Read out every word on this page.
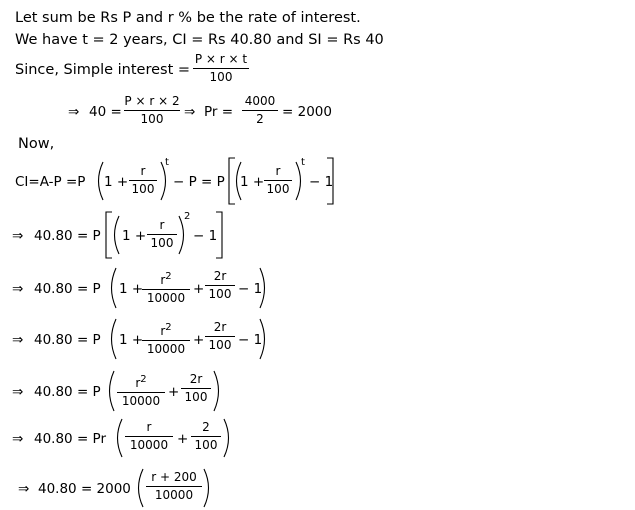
Let sum be Rs P and r % be the rate of interest.
We have t = 2 years, CI = Rs 40.80 and SI = Rs 40
Since, Simple interest =
P × r × t
100
⇒ 40 =
P × r × 2
100	⇒ Pr =
4000
2	= 2000
Now,
CI=A-P =P 1 +
r
100
t
− P = P 1 +
r
100
t
− 1
⇒ 40.80 = P 1 +
r
100
2
− 1
⇒ 40.80 = P 1 +
$r^2$
10000
+
2r
100 − 1
⇒ 40.80 = P 1 +
$r^2$
10000
+
2r
100 − 1
⇒ 40.80 = P
$r^2$
10000
+
2r
100
⇒ 40.80 = Pr
r
10000 +
2
100
⇒ 40.80 = 2000
r + 200
10000
